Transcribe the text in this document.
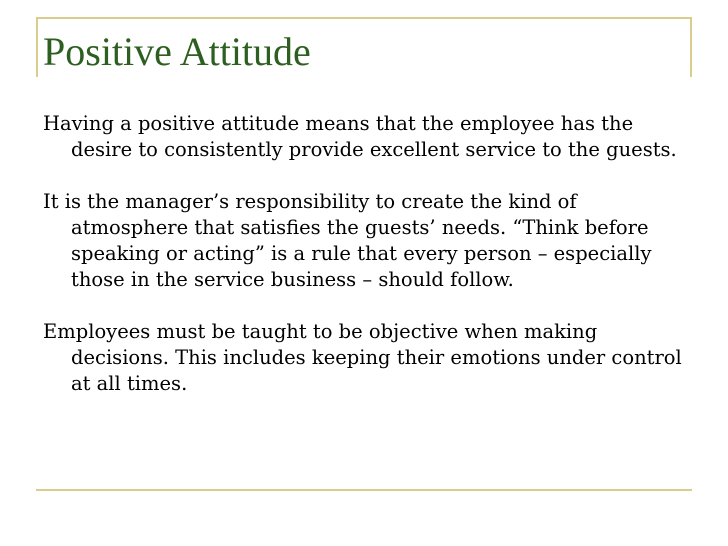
Positive Attitude

Having a positive attitude means that the employee has the desire to consistently provide excellent service to the guests.

It is the manager’s responsibility to create the kind of atmosphere that satisfies the guests’ needs. “Think before speaking or acting” is a rule that every person – especially those in the service business – should follow.

Employees must be taught to be objective when making decisions. This includes keeping their emotions under control at all times.
